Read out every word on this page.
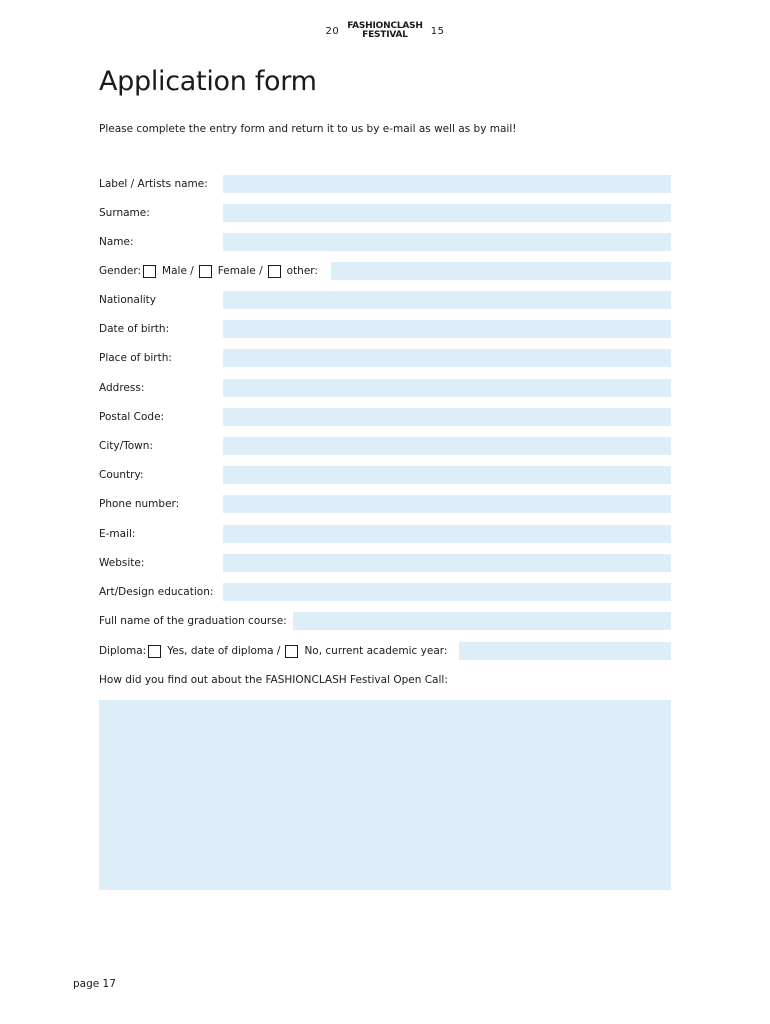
20 FASHIONCLASH
FESTIVAL 15
Application form
Please complete the entry form and return it to us by e-mail as well as by mail!
Label / Artists name:
Surname:
Name:
Gender: Male / Female / other:
Nationality
Date of birth:
Place of birth:
Address:
Postal Code:
City/Town:
Country:
Phone number:
E-mail:
Website:
Art/Design education:
Full name of the graduation course:
Diploma: Yes, date of diploma / No, current academic year:
How did you find out about the FASHIONCLASH Festival Open Call:
page 17
